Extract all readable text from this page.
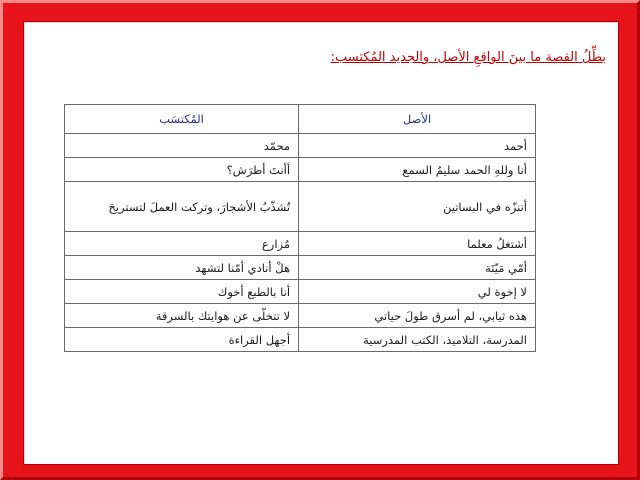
بطِّلُ القصة ما بينَ الواقعِ الأصل، والجديد المُكتسب:
الأصل	المُكتسَب
أحمد	محمّد
أنا وللهِ الحمد سليمُ السمع	أأنتَ أطرَش؟
أتنزّه في البساتين	تُشذّبُ الأشجارَ، وتركت العملَ لتستريحَ
أشتغلُ معلما	مُزارع
أمّي مَيّتَة	هلْ أنادي أمّنا لتشهد
لا إخوة لي	أنا بالطبع أخوك
هذه ثيابي، لم أسرق طولَ حياتي	لا تتخلّى عن هوايتك بالسرقة
المدرسة، التلاميذ، الكتب المدرسية	أجهل القراءة
